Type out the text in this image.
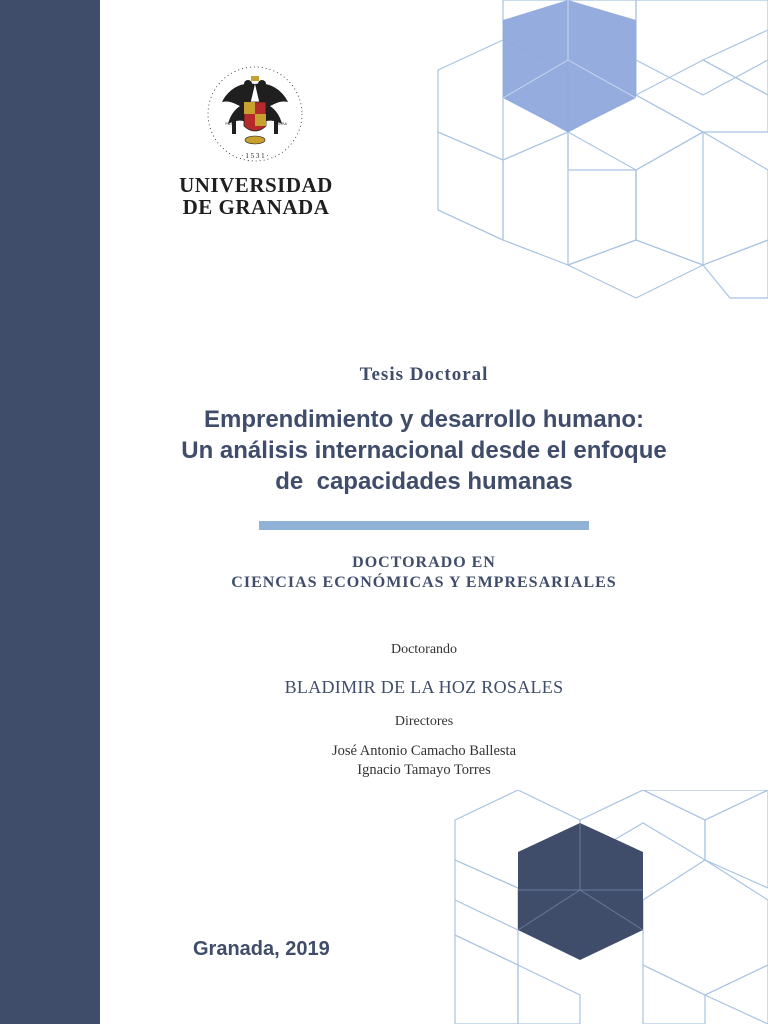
PLUS	ULTRA
· 1 5 3 1 ·
UNIVERSIDAD
DE GRANADA
Tesis Doctoral
Emprendimiento y desarrollo humano:
Un análisis internacional desde el enfoque
de  capacidades humanas
DOCTORADO EN
CIENCIAS ECONÓMICAS Y EMPRESARIALES
Doctorando
BLADIMIR DE LA HOZ ROSALES
Directores
José Antonio Camacho Ballesta
Ignacio Tamayo Torres
Granada, 2019
